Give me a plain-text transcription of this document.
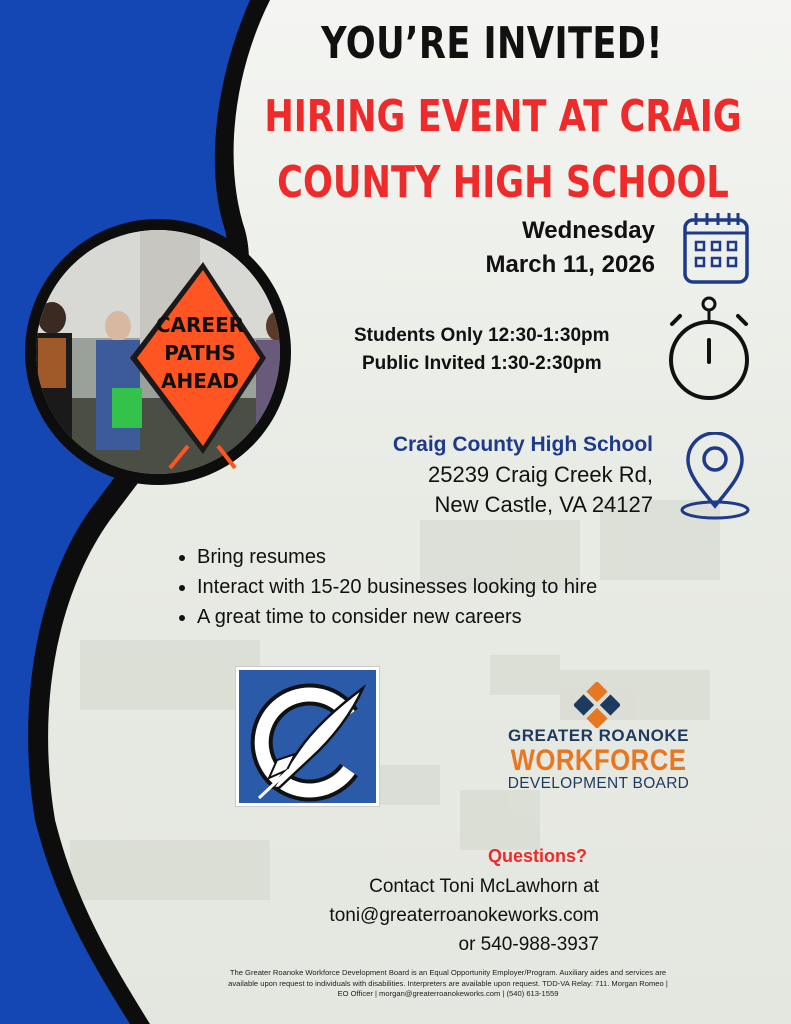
CAREER
PATHS
AHEAD
YOU’RE INVITED!
HIRING EVENT AT CRAIG
COUNTY HIGH SCHOOL
Wednesday
March 11, 2026
Students Only 12:30-1:30pm
Public Invited 1:30-2:30pm
Craig County High School
25239 Craig Creek Rd,
New Castle, VA 24127
• Bring resumes
• Interact with 15-20 businesses looking to hire
• A great time to consider new careers
GREATER ROANOKE
WORKFORCE
DEVELOPMENT BOARD
Questions?
Contact Toni McLawhorn at
toni@greaterroanokeworks.com
or 540-988-3937
The Greater Roanoke Workforce Development Board is an Equal Opportunity Employer/Program. Auxiliary aides and services are available upon request to individuals with disabilities. Interpreters are available upon request. TDD-VA Relay: 711. Morgan Romeo | EO Officer | morgan@greaterroanokeworks.com | (540) 613-1559
